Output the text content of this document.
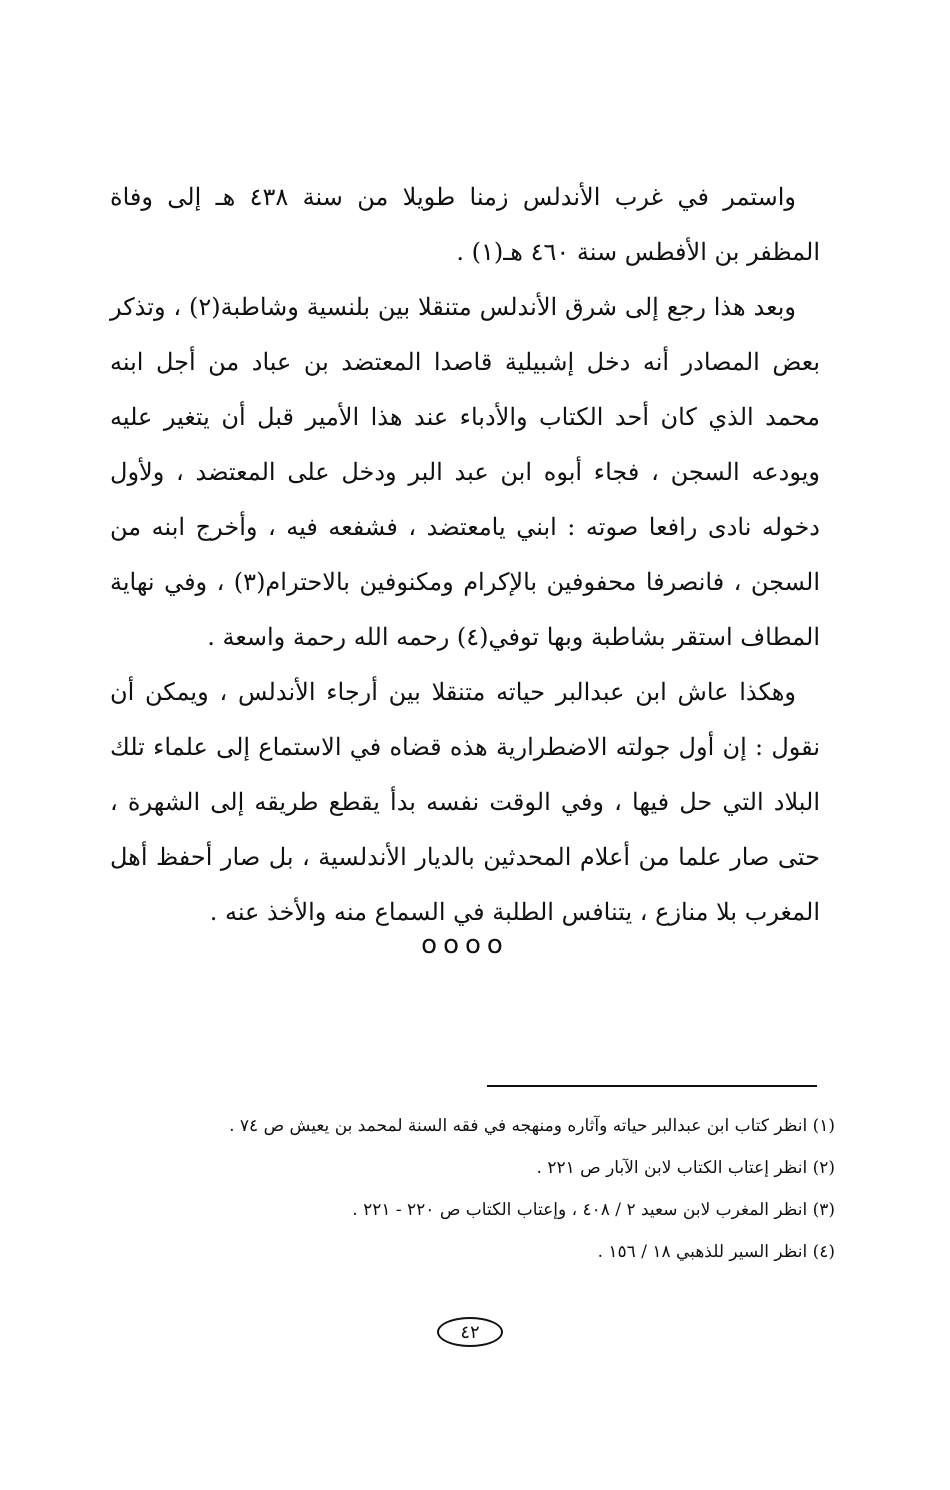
واستمر في غرب الأندلس زمنا طويلا من سنة ٤٣٨ هـ إلى وفاة المظفر بن الأفطس سنة ٤٦٠ هـ(١) .

وبعد هذا رجع إلى شرق الأندلس متنقلا بين بلنسية وشاطبة(٢) ، وتذكر بعض المصادر أنه دخل إشبيلية قاصدا المعتضد بن عباد من أجل ابنه محمد الذي كان أحد الكتاب والأدباء عند هذا الأمير قبل أن يتغير عليه ويودعه السجن ، فجاء أبوه ابن عبد البر ودخل على المعتضد ، ولأول دخوله نادى رافعا صوته : ابني يامعتضد ، فشفعه فيه ، وأخرج ابنه من السجن ، فانصرفا محفوفين بالإكرام ومكنوفين بالاحترام(٣) ، وفي نهاية المطاف استقر بشاطبة وبها توفي(٤) رحمه الله رحمة واسعة .

وهكذا عاش ابن عبدالبر حياته متنقلا بين أرجاء الأندلس ، ويمكن أن نقول : إن أول جولته الاضطرارية هذه قضاه في الاستماع إلى علماء تلك البلاد التي حل فيها ، وفي الوقت نفسه بدأ يقطع طريقه إلى الشهرة ، حتى صار علما من أعلام المحدثين بالديار الأندلسية ، بل صار أحفظ أهل المغرب بلا منازع ، يتنافس الطلبة في السماع منه والأخذ عنه .

oooo

(١) انظر كتاب ابن عبدالبر حياته وآثاره ومنهجه في فقه السنة لمحمد بن يعيش ص ٧٤ .

(٢) انظر إعتاب الكتاب لابن الآبار ص ٢٢١ .

(٣) انظر المغرب لابن سعيد ٢ / ٤٠٨ ، وإعتاب الكتاب ص ٢٢٠ - ٢٢١ .

(٤) انظر السير للذهبي ١٨ / ١٥٦ .

٤٢
